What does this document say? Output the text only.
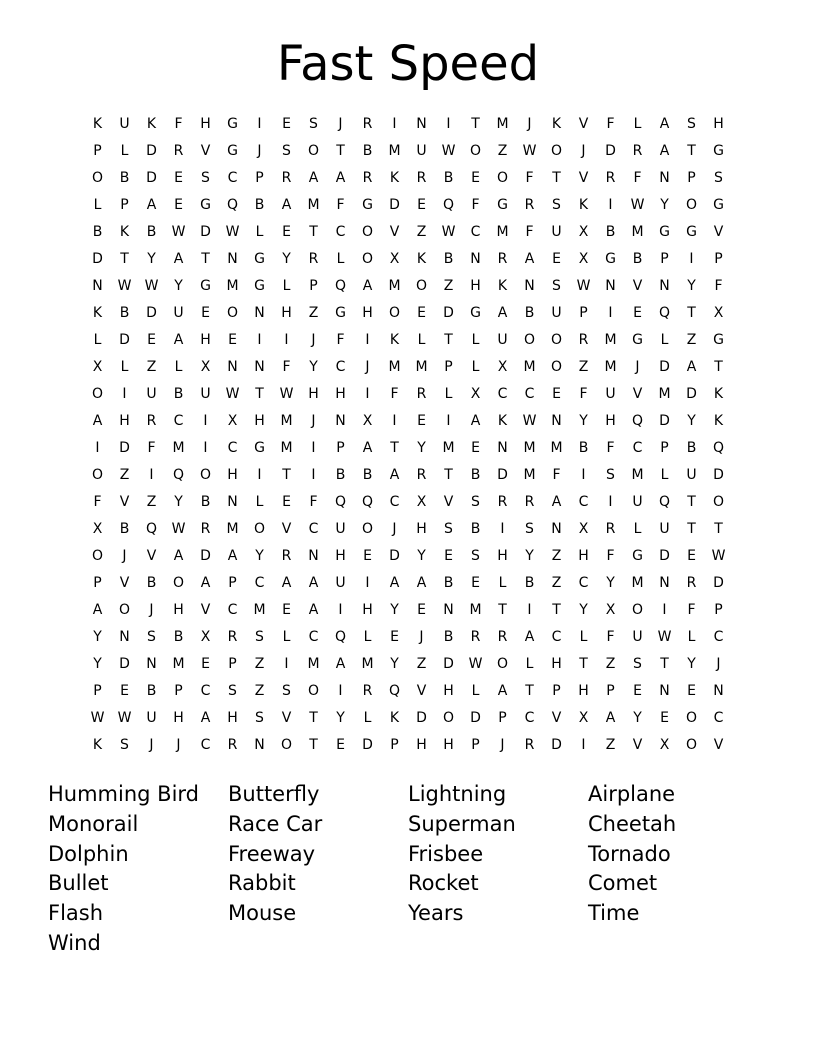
Fast Speed
K	U	K	F	H	G	I	E	S	J	R	I	N	I	T	M	J	K	V	F	L	A	S	H
P	L	D	R	V	G	J	S	O	T	B	M	U	W	O	Z	W	O	J	D	R	A	T	G
O	B	D	E	S	C	P	R	A	A	R	K	R	B	E	O	F	T	V	R	F	N	P	S
L	P	A	E	G	Q	B	A	M	F	G	D	E	Q	F	G	R	S	K	I	W	Y	O	G
B	K	B	W	D	W	L	E	T	C	O	V	Z	W	C	M	F	U	X	B	M	G	G	V
D	T	Y	A	T	N	G	Y	R	L	O	X	K	B	N	R	A	E	X	G	B	P	I	P
N	W W	Y	G	M	G	L	P	Q	A	M	O	Z	H	K	N	S	W	N	V	N	Y	F
K	B	D	U	E	O	N	H	Z	G	H	O	E	D	G	A	B	U	P	I	E	Q	T	X
L	D	E	A	H	E	I	I	J	F	I	K	L	T	L	U	O	O	R	M	G	L	Z	G
X	L	Z	L	X	N	N	F	Y	C	J	M	M	P	L	X	M	O	Z	M	J	D	A	T
O	I	U	B	U	W	T	W	H	H	I	F	R	L	X	C	C	E	F	U	V	M	D	K
A	H	R	C	I	X	H	M	J	N	X	I	E	I	A	K	W	N	Y	H	Q	D	Y	K
I	D	F	M	I	C	G	M	I	P	A	T	Y	M	E	N	M	M	B	F	C	P	B	Q
O	Z	I	Q	O	H	I	T	I	B	B	A	R	T	B	D	M	F	I	S	M	L	U	D
F	V	Z	Y	B	N	L	E	F	Q	Q	C	X	V	S	R	R	A	C	I	U	Q	T	O
X	B	Q	W	R	M	O	V	C	U	O	J	H	S	B	I	S	N	X	R	L	U	T	T
O	J	V	A	D	A	Y	R	N	H	E	D	Y	E	S	H	Y	Z	H	F	G	D	E	W
P	V	B	O	A	P	C	A	A	U	I	A	A	B	E	L	B	Z	C	Y	M	N	R	D
A	O	J	H	V	C	M	E	A	I	H	Y	E	N	M	T	I	T	Y	X	O	I	F	P
Y	N	S	B	X	R	S	L	C	Q	L	E	J	B	R	R	A	C	L	F	U	W	L	C
Y	D	N	M	E	P	Z	I	M	A	M	Y	Z	D	W	O	L	H	T	Z	S	T	Y	J
P	E	B	P	C	S	Z	S	O	I	R	Q	V	H	L	A	T	P	H	P	E	N	E	N
W W	U	H	A	H	S	V	T	Y	L	K	D	O	D	P	C	V	X	A	Y	E	O	C
K	S	J	J	C	R	N	O	T	E	D	P	H	H	P	J	R	D	I	Z	V	X	O	V
Humming Bird	Butterfly	Lightning	Airplane
Monorail	Race Car	Superman	Cheetah
Dolphin	Freeway	Frisbee	Tornado
Bullet	Rabbit	Rocket	Comet
Flash	Mouse	Years	Time
Wind
